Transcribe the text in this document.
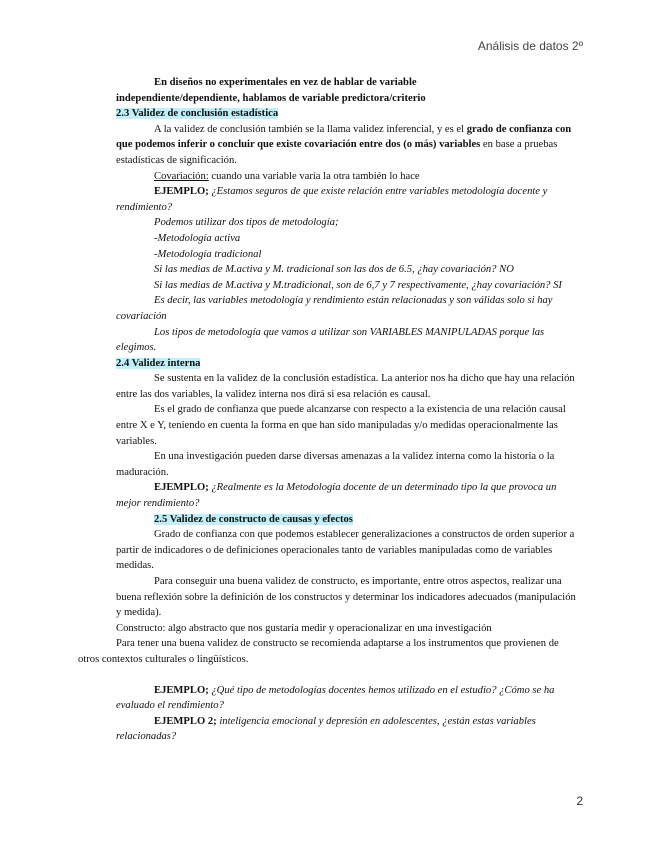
Análisis de datos 2º

En diseños no experimentales en vez de hablar de variable

independiente/dependiente, hablamos de variable predictora/criterio

2.3 Validez de conclusión estadística

A la validez de conclusión también se la llama validez inferencial, y es el grado de confianza con que podemos inferir o concluir que existe covariación entre dos (o más) variables en base a pruebas estadísticas de significación.

Covariación: cuando una variable varía la otra también lo hace

EJEMPLO; ¿Estamos seguros de que existe relación entre variables metodología docente y rendimiento?

Podemos utilizar dos tipos de metodología;

-Metodología activa

-Metodología tradicional

Si las medias de M.activa y M. tradicional son las dos de 6.5, ¿hay covariación? NO

Si las medias de M.activa y M.tradicional, son de 6,7 y 7 respectivamente, ¿hay covariación? SI

Es decir, las variables metodología y rendimiento están relacionadas y son válidas solo si hay covariación

Los tipos de metodología que vamos a utilizar son VARIABLES MANIPULADAS porque las elegimos.

2.4 Validez interna

Se sustenta en la validez de la conclusión estadística. La anterior nos ha dicho que hay una relación entre las dos variables, la validez interna nos dirá si esa relación es causal.

Es el grado de confianza que puede alcanzarse con respecto a la existencia de una relación causal entre X e Y, teniendo en cuenta la forma en que han sido manipuladas y/o medidas operacionalmente las variables.

En una investigación pueden darse diversas amenazas a la validez interna como la historia o la maduración.

EJEMPLO; ¿Realmente es la Metodología docente de un determinado tipo la que provoca un mejor rendimiento?

2.5 Validez de constructo de causas y efectos

Grado de confianza con que podemos establecer generalizaciones a constructos de orden superior a partir de indicadores o de definiciones operacionales tanto de variables manipuladas como de variables medidas.

Para conseguir una buena validez de constructo, es importante, entre otros aspectos, realizar una buena reflexión sobre la definición de los constructos y determinar los indicadores adecuados (manipulación y medida).

Constructo: algo abstracto que nos gustaría medir y operacionalizar en una investigación

Para tener una buena validez de constructo se recomienda adaptarse a los instrumentos que provienen de otros contextos culturales o lingüísticos.

EJEMPLO; ¿Qué tipo de metodologías docentes hemos utilizado en el estudio? ¿Cómo se ha evaluado el rendimiento?

EJEMPLO 2; inteligencia emocional y depresión en adolescentes, ¿están estas variables relacionadas?

2
